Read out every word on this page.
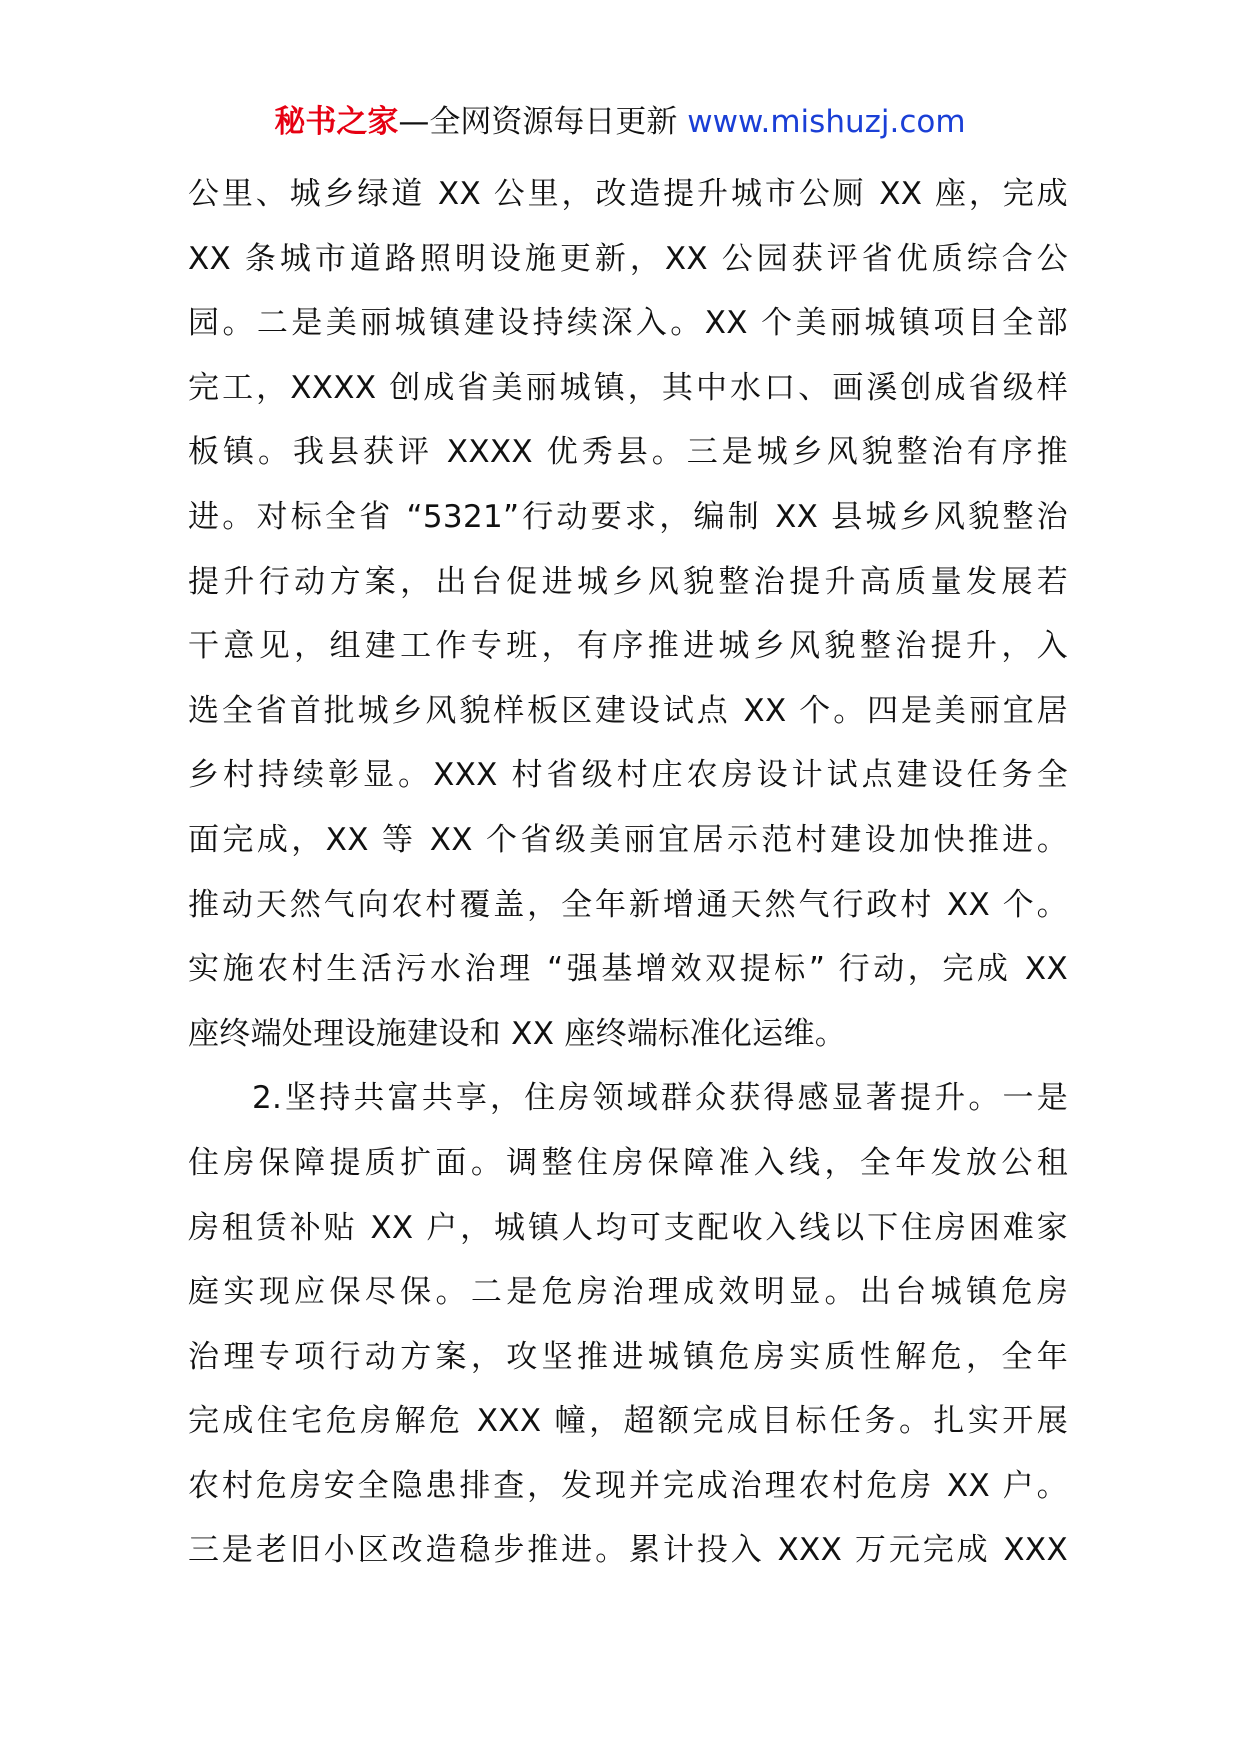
秘书之家—全网资源每日更新 www.mishuzj.com
公里、城乡绿道 XX 公里，改造提升城市公厕 XX 座，完成
XX 条城市道路照明设施更新，XX 公园获评省优质综合公
园。二是美丽城镇建设持续深入。XX 个美丽城镇项目全部
完工，XXXX 创成省美丽城镇，其中水口、画溪创成省级样
板镇。我县获评 XXXX 优秀县。三是城乡风貌整治有序推
进。对标全省 “5321”行动要求，编制 XX 县城乡风貌整治
提升行动方案，出台促进城乡风貌整治提升高质量发展若
干意见，组建工作专班，有序推进城乡风貌整治提升，入
选全省首批城乡风貌样板区建设试点 XX 个。四是美丽宜居
乡村持续彰显。XXX 村省级村庄农房设计试点建设任务全
面完成，XX 等 XX 个省级美丽宜居示范村建设加快推进。
推动天然气向农村覆盖，全年新增通天然气行政村 XX 个。
实施农村生活污水治理 “强基增效双提标” 行动，完成 XX
座终端处理设施建设和 XX 座终端标准化运维。
2.坚持共富共享，住房领域群众获得感显著提升。一是
住房保障提质扩面。调整住房保障准入线，全年发放公租
房租赁补贴 XX 户，城镇人均可支配收入线以下住房困难家
庭实现应保尽保。二是危房治理成效明显。出台城镇危房
治理专项行动方案，攻坚推进城镇危房实质性解危，全年
完成住宅危房解危 XXX 幢，超额完成目标任务。扎实开展
农村危房安全隐患排查，发现并完成治理农村危房 XX 户。
三是老旧小区改造稳步推进。累计投入 XXX 万元完成 XXX
